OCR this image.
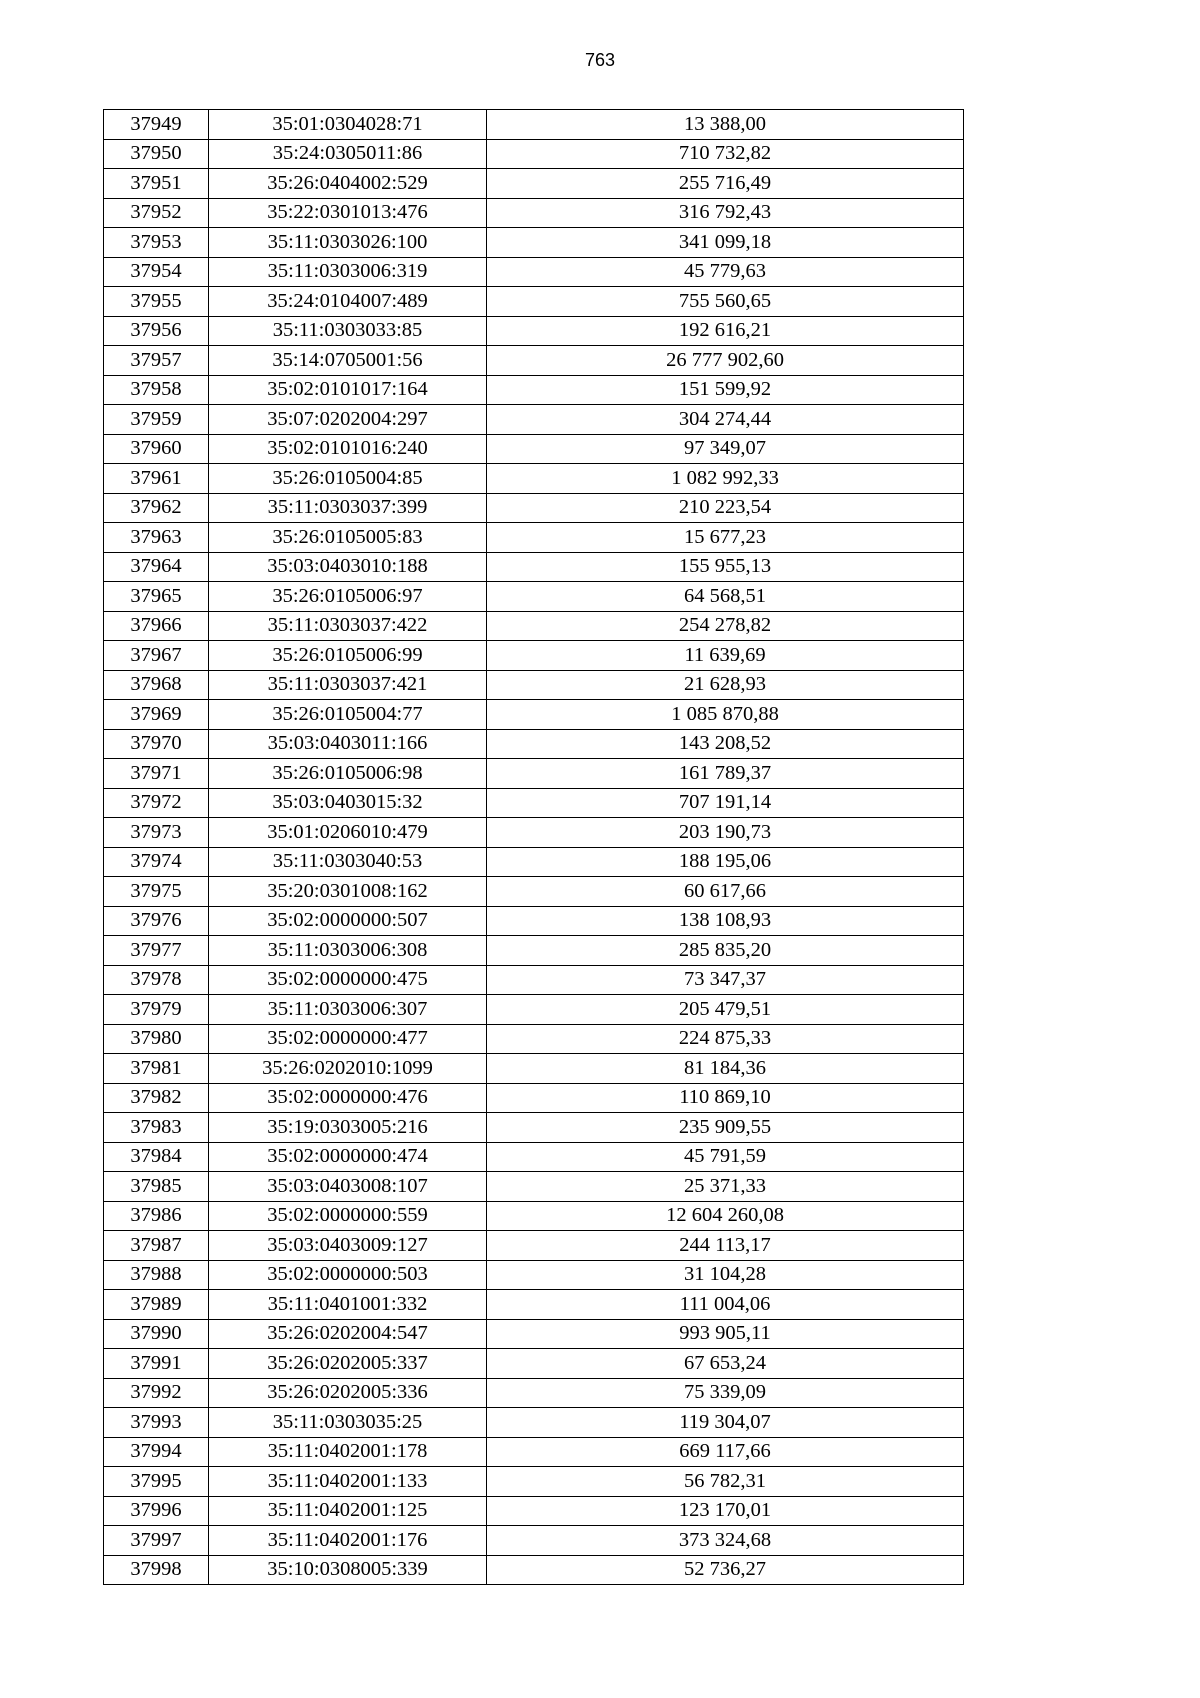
763
37949	35:01:0304028:71	13 388,00
37950	35:24:0305011:86	710 732,82
37951	35:26:0404002:529	255 716,49
37952	35:22:0301013:476	316 792,43
37953	35:11:0303026:100	341 099,18
37954	35:11:0303006:319	45 779,63
37955	35:24:0104007:489	755 560,65
37956	35:11:0303033:85	192 616,21
37957	35:14:0705001:56	26 777 902,60
37958	35:02:0101017:164	151 599,92
37959	35:07:0202004:297	304 274,44
37960	35:02:0101016:240	97 349,07
37961	35:26:0105004:85	1 082 992,33
37962	35:11:0303037:399	210 223,54
37963	35:26:0105005:83	15 677,23
37964	35:03:0403010:188	155 955,13
37965	35:26:0105006:97	64 568,51
37966	35:11:0303037:422	254 278,82
37967	35:26:0105006:99	11 639,69
37968	35:11:0303037:421	21 628,93
37969	35:26:0105004:77	1 085 870,88
37970	35:03:0403011:166	143 208,52
37971	35:26:0105006:98	161 789,37
37972	35:03:0403015:32	707 191,14
37973	35:01:0206010:479	203 190,73
37974	35:11:0303040:53	188 195,06
37975	35:20:0301008:162	60 617,66
37976	35:02:0000000:507	138 108,93
37977	35:11:0303006:308	285 835,20
37978	35:02:0000000:475	73 347,37
37979	35:11:0303006:307	205 479,51
37980	35:02:0000000:477	224 875,33
37981	35:26:0202010:1099	81 184,36
37982	35:02:0000000:476	110 869,10
37983	35:19:0303005:216	235 909,55
37984	35:02:0000000:474	45 791,59
37985	35:03:0403008:107	25 371,33
37986	35:02:0000000:559	12 604 260,08
37987	35:03:0403009:127	244 113,17
37988	35:02:0000000:503	31 104,28
37989	35:11:0401001:332	111 004,06
37990	35:26:0202004:547	993 905,11
37991	35:26:0202005:337	67 653,24
37992	35:26:0202005:336	75 339,09
37993	35:11:0303035:25	119 304,07
37994	35:11:0402001:178	669 117,66
37995	35:11:0402001:133	56 782,31
37996	35:11:0402001:125	123 170,01
37997	35:11:0402001:176	373 324,68
37998	35:10:0308005:339	52 736,27
